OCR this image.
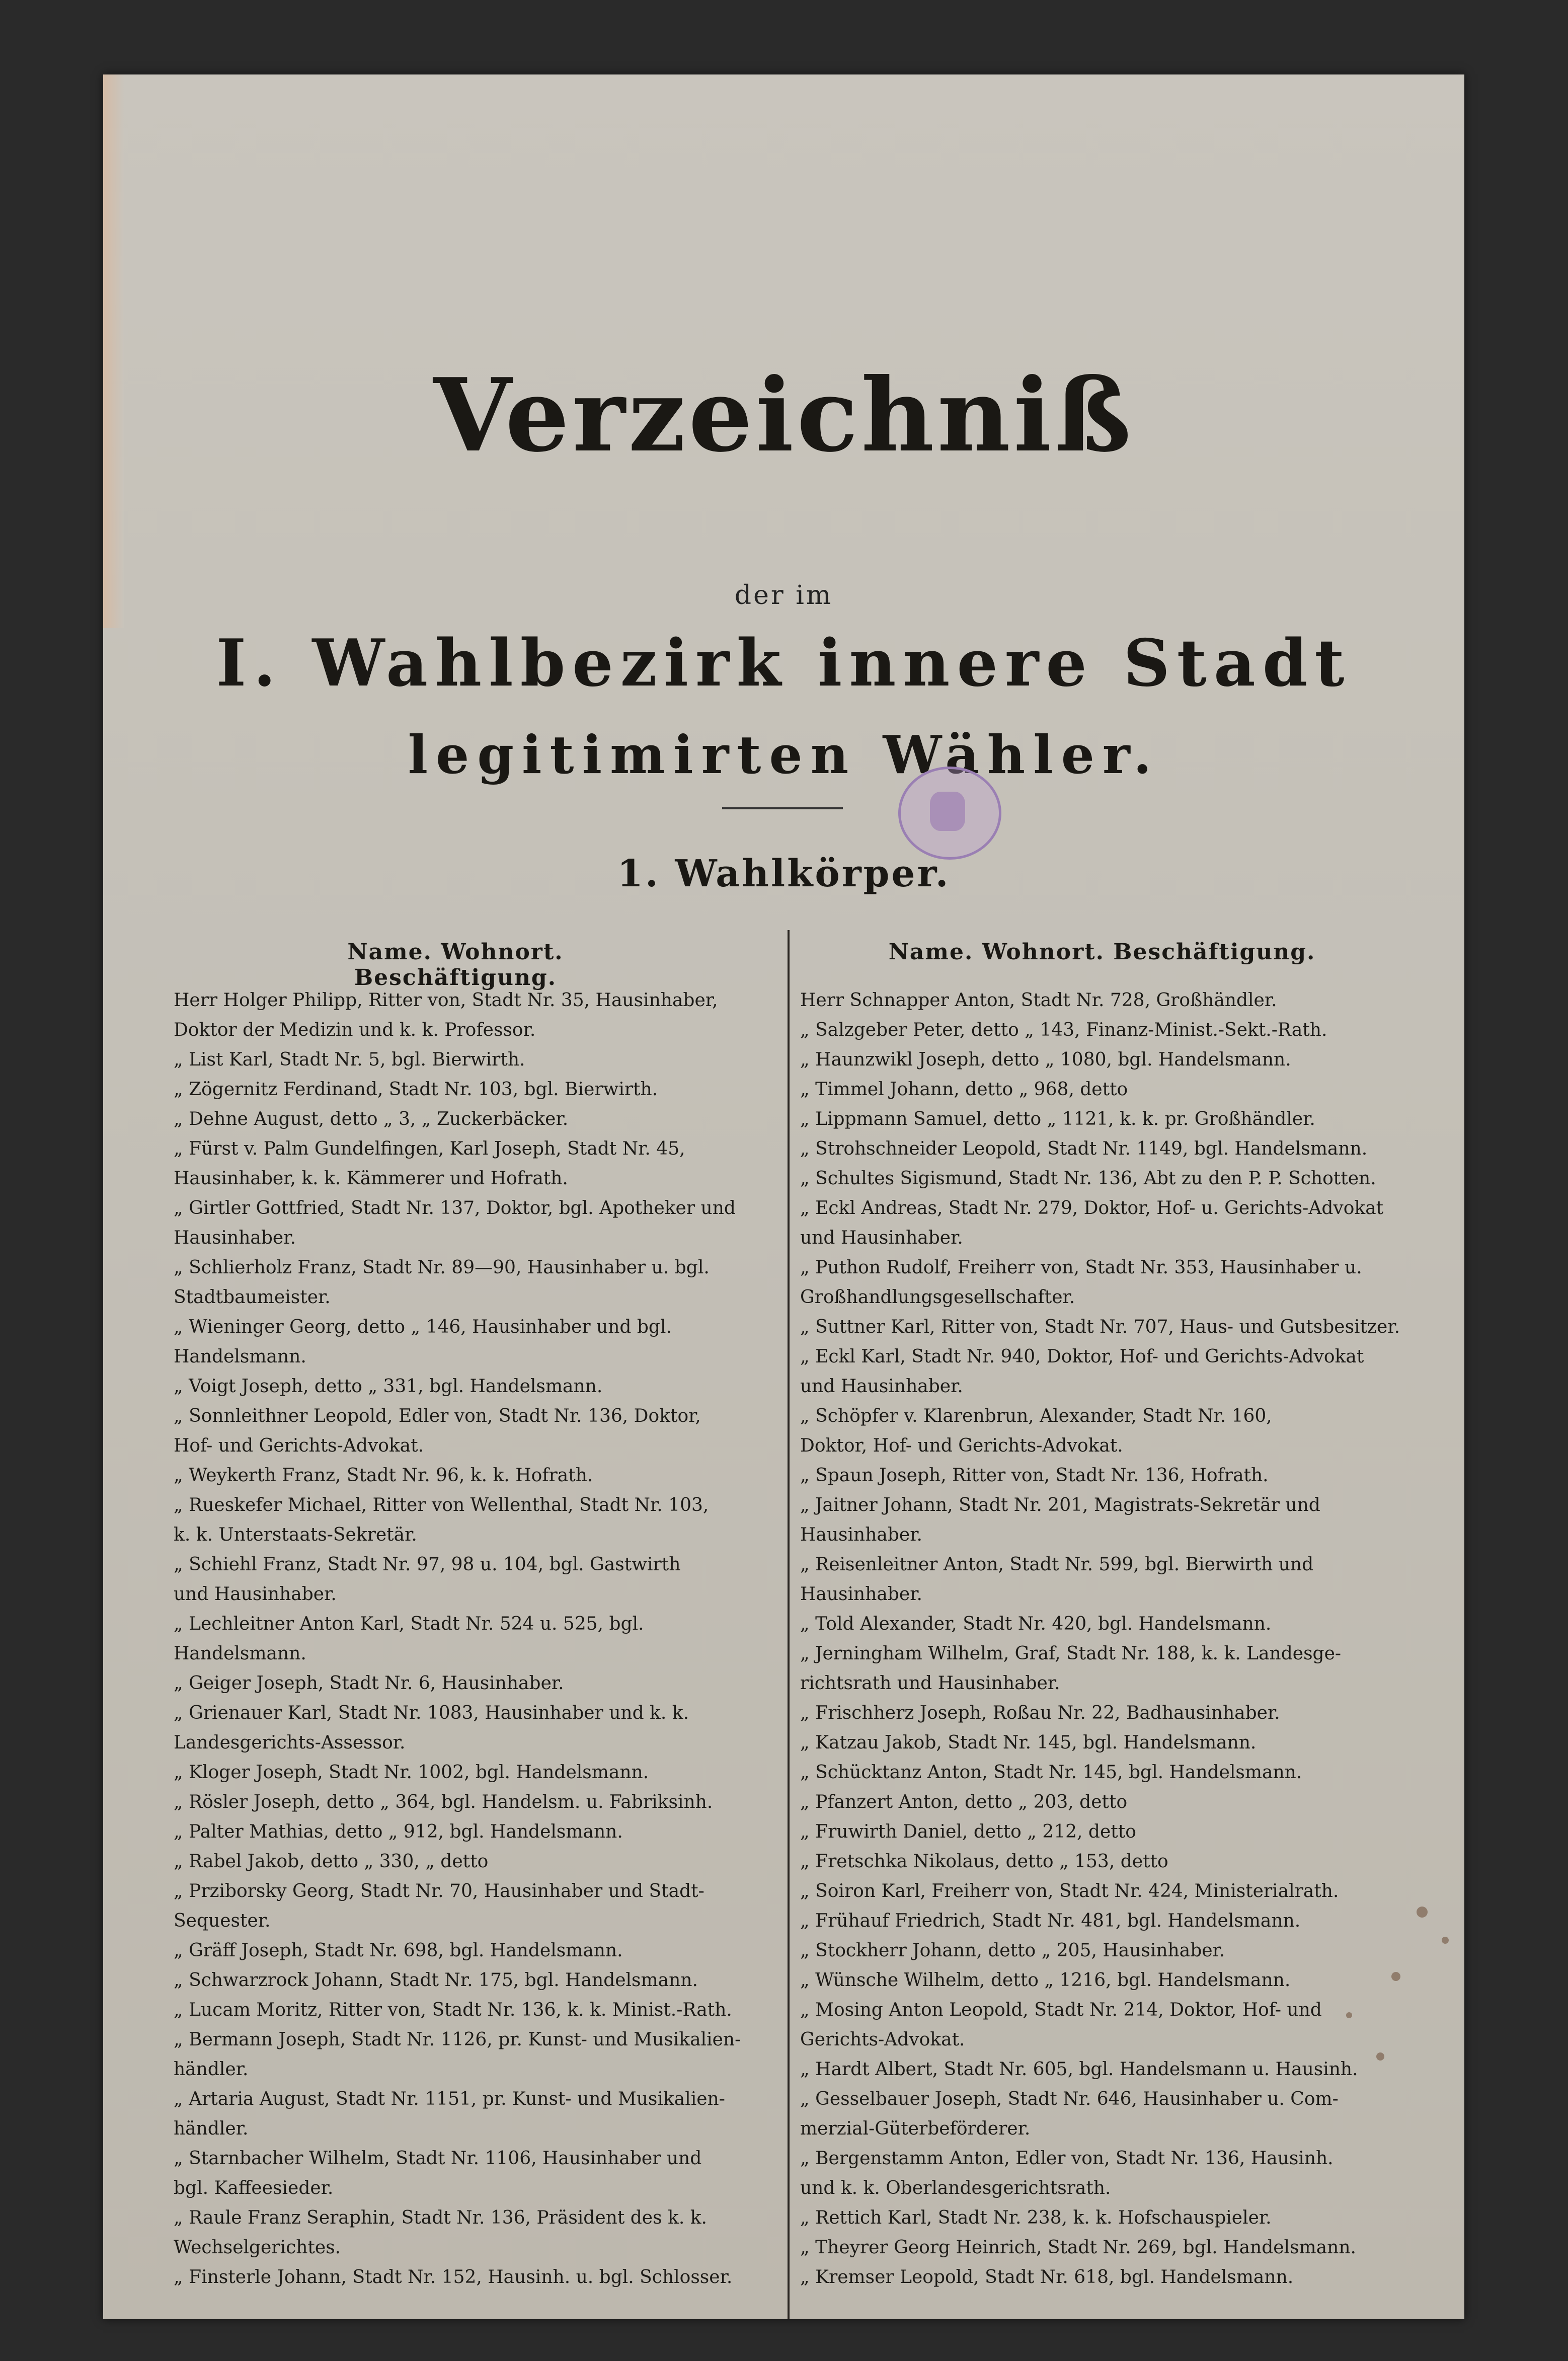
Verzeichniß
der im
I. Wahlbezirk innere Stadt
legitimirten Wähler.
1. Wahlkörper.
Name. Wohnort. Beschäftigung.
Name. Wohnort. Beschäftigung.
Herr Holger Philipp, Ritter von, Stadt Nr. 35, Hausinhaber,
Doktor der Medizin und k. k. Professor.
„ List Karl, Stadt Nr. 5, bgl. Bierwirth.
„ Zögernitz Ferdinand, Stadt Nr. 103, bgl. Bierwirth.
„ Dehne August, detto „ 3, „ Zuckerbäcker.
„ Fürst v. Palm Gundelfingen, Karl Joseph, Stadt Nr. 45,
Hausinhaber, k. k. Kämmerer und Hofrath.
„ Girtler Gottfried, Stadt Nr. 137, Doktor, bgl. Apotheker und
Hausinhaber.
„ Schlierholz Franz, Stadt Nr. 89—90, Hausinhaber u. bgl.
Stadtbaumeister.
„ Wieninger Georg, detto „ 146, Hausinhaber und bgl.
Handelsmann.
„ Voigt Joseph, detto „ 331, bgl. Handelsmann.
„ Sonnleithner Leopold, Edler von, Stadt Nr. 136, Doktor,
Hof- und Gerichts-Advokat.
„ Weykerth Franz, Stadt Nr. 96, k. k. Hofrath.
„ Rueskefer Michael, Ritter von Wellenthal, Stadt Nr. 103,
k. k. Unterstaats-Sekretär.
„ Schiehl Franz, Stadt Nr. 97, 98 u. 104, bgl. Gastwirth
und Hausinhaber.
„ Lechleitner Anton Karl, Stadt Nr. 524 u. 525, bgl.
Handelsmann.
„ Geiger Joseph, Stadt Nr. 6, Hausinhaber.
„ Grienauer Karl, Stadt Nr. 1083, Hausinhaber und k. k.
Landesgerichts-Assessor.
„ Kloger Joseph, Stadt Nr. 1002, bgl. Handelsmann.
„ Rösler Joseph, detto „ 364, bgl. Handelsm. u. Fabriksinh.
„ Palter Mathias, detto „ 912, bgl. Handelsmann.
„ Rabel Jakob, detto „ 330, „ detto
„ Prziborsky Georg, Stadt Nr. 70, Hausinhaber und Stadt-
Sequester.
„ Gräff Joseph, Stadt Nr. 698, bgl. Handelsmann.
„ Schwarzrock Johann, Stadt Nr. 175, bgl. Handelsmann.
„ Lucam Moritz, Ritter von, Stadt Nr. 136, k. k. Minist.-Rath.
„ Bermann Joseph, Stadt Nr. 1126, pr. Kunst- und Musikalien-
händler.
„ Artaria August, Stadt Nr. 1151, pr. Kunst- und Musikalien-
händler.
„ Starnbacher Wilhelm, Stadt Nr. 1106, Hausinhaber und
bgl. Kaffeesieder.
„ Raule Franz Seraphin, Stadt Nr. 136, Präsident des k. k.
Wechselgerichtes.
„ Finsterle Johann, Stadt Nr. 152, Hausinh. u. bgl. Schlosser.
Herr Schnapper Anton, Stadt Nr. 728, Großhändler.
„ Salzgeber Peter, detto „ 143, Finanz-Minist.-Sekt.-Rath.
„ Haunzwikl Joseph, detto „ 1080, bgl. Handelsmann.
„ Timmel Johann, detto „ 968, detto
„ Lippmann Samuel, detto „ 1121, k. k. pr. Großhändler.
„ Strohschneider Leopold, Stadt Nr. 1149, bgl. Handelsmann.
„ Schultes Sigismund, Stadt Nr. 136, Abt zu den P. P. Schotten.
„ Eckl Andreas, Stadt Nr. 279, Doktor, Hof- u. Gerichts-Advokat
und Hausinhaber.
„ Puthon Rudolf, Freiherr von, Stadt Nr. 353, Hausinhaber u.
Großhandlungsgesellschafter.
„ Suttner Karl, Ritter von, Stadt Nr. 707, Haus- und Gutsbesitzer.
„ Eckl Karl, Stadt Nr. 940, Doktor, Hof- und Gerichts-Advokat
und Hausinhaber.
„ Schöpfer v. Klarenbrun, Alexander, Stadt Nr. 160,
Doktor, Hof- und Gerichts-Advokat.
„ Spaun Joseph, Ritter von, Stadt Nr. 136, Hofrath.
„ Jaitner Johann, Stadt Nr. 201, Magistrats-Sekretär und
Hausinhaber.
„ Reisenleitner Anton, Stadt Nr. 599, bgl. Bierwirth und
Hausinhaber.
„ Told Alexander, Stadt Nr. 420, bgl. Handelsmann.
„ Jerningham Wilhelm, Graf, Stadt Nr. 188, k. k. Landesge-
richtsrath und Hausinhaber.
„ Frischherz Joseph, Roßau Nr. 22, Badhausinhaber.
„ Katzau Jakob, Stadt Nr. 145, bgl. Handelsmann.
„ Schücktanz Anton, Stadt Nr. 145, bgl. Handelsmann.
„ Pfanzert Anton, detto „ 203, detto
„ Fruwirth Daniel, detto „ 212, detto
„ Fretschka Nikolaus, detto „ 153, detto
„ Soiron Karl, Freiherr von, Stadt Nr. 424, Ministerialrath.
„ Frühauf Friedrich, Stadt Nr. 481, bgl. Handelsmann.
„ Stockherr Johann, detto „ 205, Hausinhaber.
„ Wünsche Wilhelm, detto „ 1216, bgl. Handelsmann.
„ Mosing Anton Leopold, Stadt Nr. 214, Doktor, Hof- und
Gerichts-Advokat.
„ Hardt Albert, Stadt Nr. 605, bgl. Handelsmann u. Hausinh.
„ Gesselbauer Joseph, Stadt Nr. 646, Hausinhaber u. Com-
merzial-Güterbeförderer.
„ Bergenstamm Anton, Edler von, Stadt Nr. 136, Hausinh.
und k. k. Oberlandesgerichtsrath.
„ Rettich Karl, Stadt Nr. 238, k. k. Hofschauspieler.
„ Theyrer Georg Heinrich, Stadt Nr. 269, bgl. Handelsmann.
„ Kremser Leopold, Stadt Nr. 618, bgl. Handelsmann.
